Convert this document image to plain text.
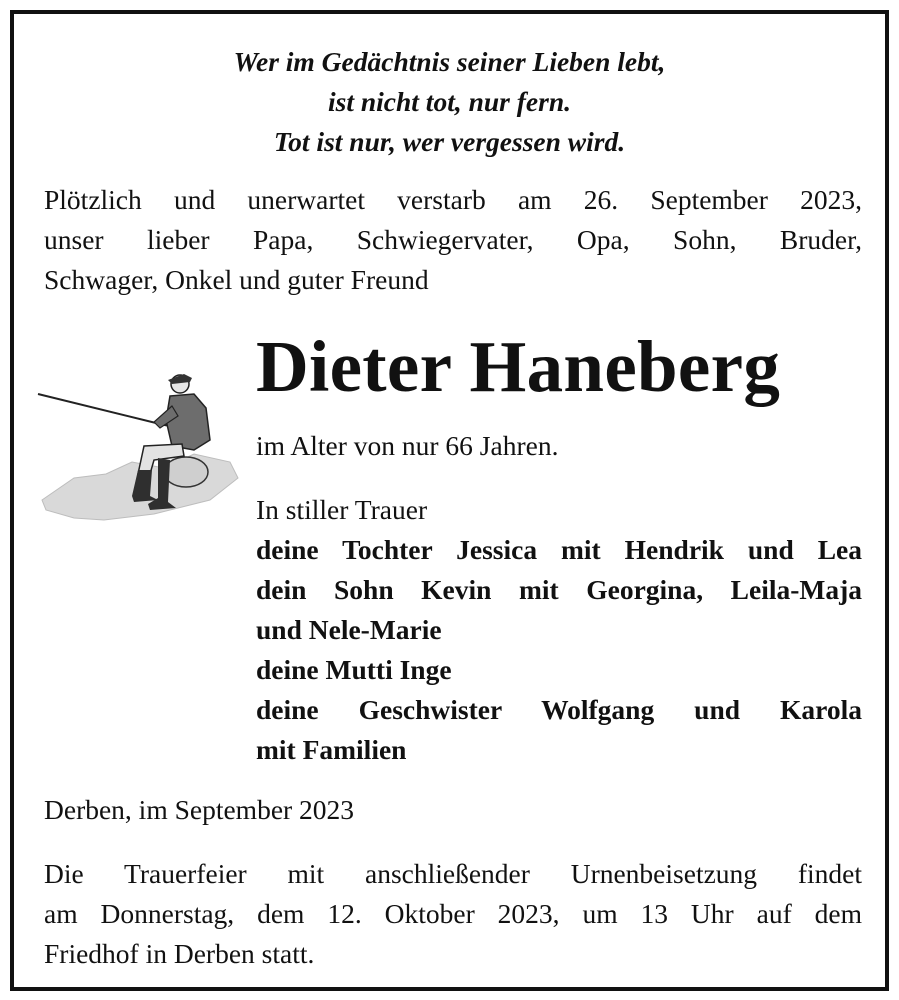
Wer im Gedächtnis seiner Lieben lebt,
ist nicht tot, nur fern.
Tot ist nur, wer vergessen wird.
Plötzlich und unerwartet verstarb am 26. September 2023,
unser lieber Papa, Schwiegervater, Opa, Sohn, Bruder,
Schwager, Onkel und guter Freund
Dieter Haneberg
im Alter von nur 66 Jahren.
In stiller Trauer
deine Tochter Jessica mit Hendrik und Lea
dein Sohn Kevin mit Georgina, Leila-Maja
und Nele-Marie
deine Mutti Inge
deine Geschwister Wolfgang und Karola
mit Familien
Derben, im September 2023
Die Trauerfeier mit anschließender Urnenbeisetzung findet
am Donnerstag, dem 12. Oktober 2023, um 13 Uhr auf dem
Friedhof in Derben statt.
